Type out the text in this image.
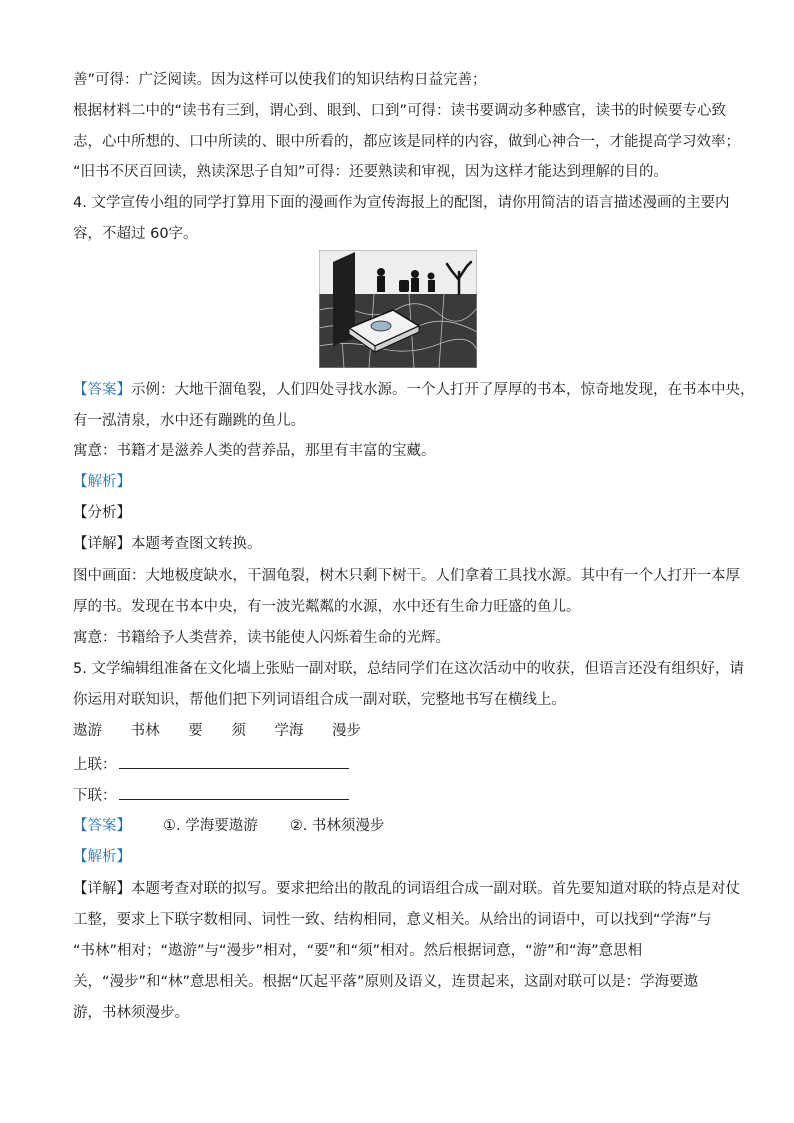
善”可得：广泛阅读。因为这样可以使我们的知识结构日益完善；
根据材料二中的“读书有三到，谓心到、眼到、口到”可得：读书要调动多种感官，读书的时候要专心致
志，心中所想的、口中所读的、眼中所看的，都应该是同样的内容，做到心神合一，才能提高学习效率；
“旧书不厌百回读，熟读深思子自知”可得：还要熟读和审视，因为这样才能达到理解的目的。
4. 文学宣传小组的同学打算用下面的漫画作为宣传海报上的配图，请你用简洁的语言描述漫画的主要内
容，不超过 60字。
【答案】示例：大地干涸龟裂，人们四处寻找水源。一个人打开了厚厚的书本，惊奇地发现，在书本中央，
有一泓清泉，水中还有蹦跳的鱼儿。
寓意：书籍才是滋养人类的营养品，那里有丰富的宝藏。
【解析】
【分析】
【详解】本题考查图文转换。
图中画面：大地极度缺水，干涸龟裂，树木只剩下树干。人们拿着工具找水源。其中有一个人打开一本厚
厚的书。发现在书本中央，有一波光粼粼的水源，水中还有生命力旺盛的鱼儿。
寓意：书籍给予人类营养，读书能使人闪烁着生命的光辉。
5. 文学编辑组准备在文化墙上张贴一副对联，总结同学们在这次活动中的收获，但语言还没有组织好，请
你运用对联知识，帮他们把下列词语组合成一副对联，完整地书写在横线上。
遨游 书林 要 须 学海 漫步
上联：
下联：
【答案】 ①. 学海要遨游 ②. 书林须漫步
【解析】
【详解】本题考查对联的拟写。要求把给出的散乱的词语组合成一副对联。首先要知道对联的特点是对仗
工整，要求上下联字数相同、词性一致、结构相同，意义相关。从给出的词语中，可以找到“学海”与
“书林”相对；“遨游”与“漫步”相对，“要”和“须”相对。然后根据词意，“游”和“海”意思相
关，“漫步”和“林”意思相关。根据“仄起平落”原则及语义，连贯起来，这副对联可以是：学海要遨
游，书林须漫步。
